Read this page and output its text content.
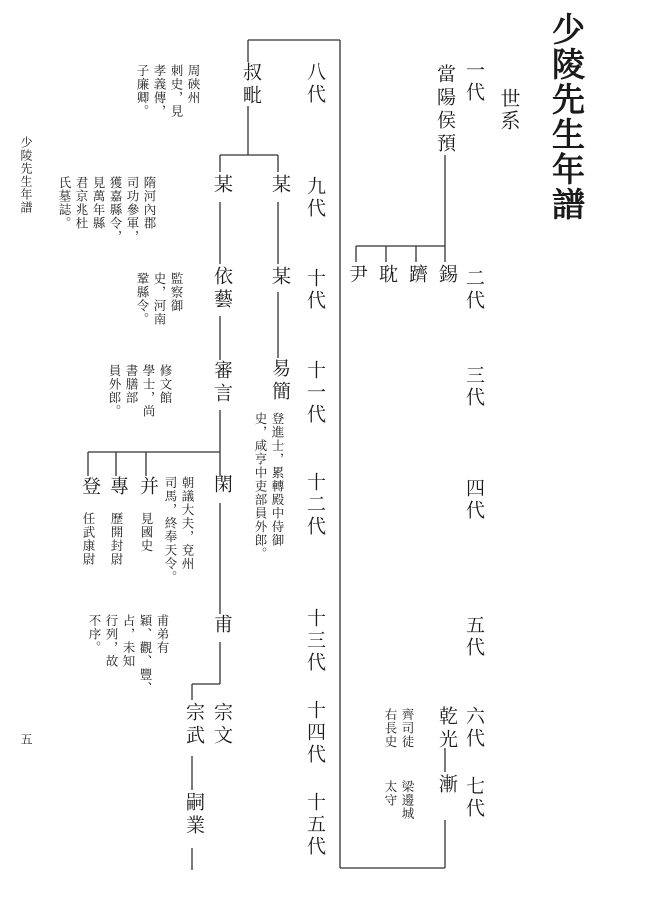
少陵先生年譜
世系
少陵先生年譜
五
一代
二代
三代
四代
五代
六代
七代
八代
九代
十代
十一代
十二代
十三代
十四代
十五代
當陽侯預
錫
躋
耽
尹
乾光
齊司徒
右長史
漸
梁邊城
太守
叔毗
周硤州
刺史，見
孝義傳，
子廉卿。
某 某
隋河內郡
司功參軍，
獲嘉縣令，
見萬年縣
君京兆杜
氏墓誌。
依藝 某
監察御
史，河南
鞏縣令。
審言
修文館
學士，尚
書膳部
員外郎。	易簡
登進士，累轉殿中侍御
史，咸亨中吏部員外郎。
閑
朝議大夫，兗州
司馬，終奉天令。
并
見國史
專
歷開封尉
登
任武康尉
甫
甫弟有
穎、觀、豐、
占，未知
行列，故
不序。
宗文
宗武
嗣業
